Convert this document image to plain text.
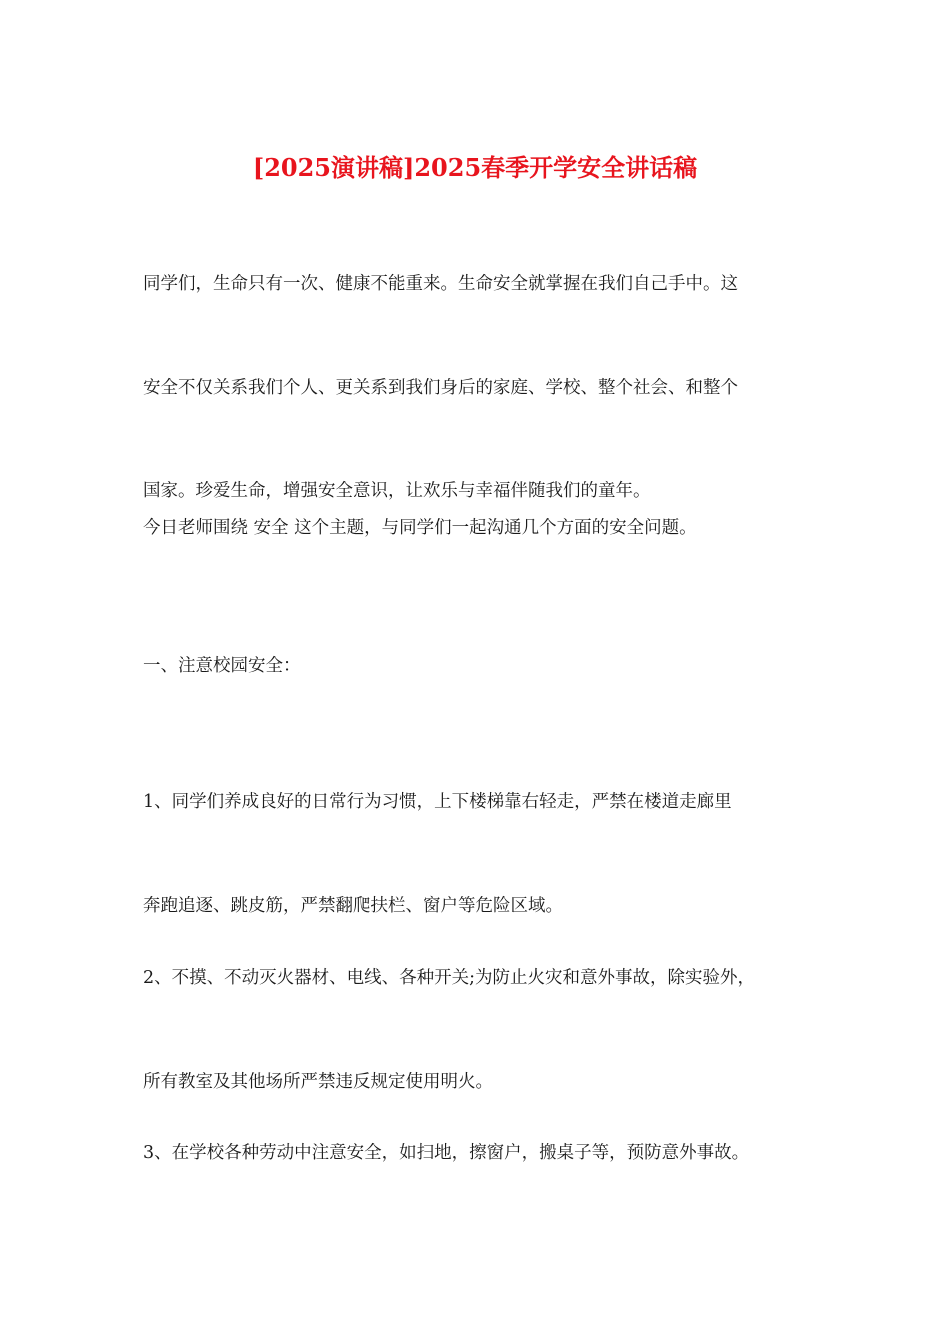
[2025演讲稿]2025春季开学安全讲话稿

同学们，生命只有一次、健康不能重来。生命安全就掌握在我们自己手中。这

安全不仅关系我们个人、更关系到我们身后的家庭、学校、整个社会、和整个

国家。珍爱生命，增强安全意识，让欢乐与幸福伴随我们的童年。

今日老师围绕 安全 这个主题，与同学们一起沟通几个方面的安全问题。

一、注意校园安全：

1、同学们养成良好的日常行为习惯，上下楼梯靠右轻走，严禁在楼道走廊里

奔跑追逐、跳皮筋，严禁翻爬扶栏、窗户等危险区域。

2、不摸、不动灭火器材、电线、各种开关;为防止火灾和意外事故，除实验外，

所有教室及其他场所严禁违反规定使用明火。

3、在学校各种劳动中注意安全，如扫地，擦窗户，搬桌子等，预防意外事故。
